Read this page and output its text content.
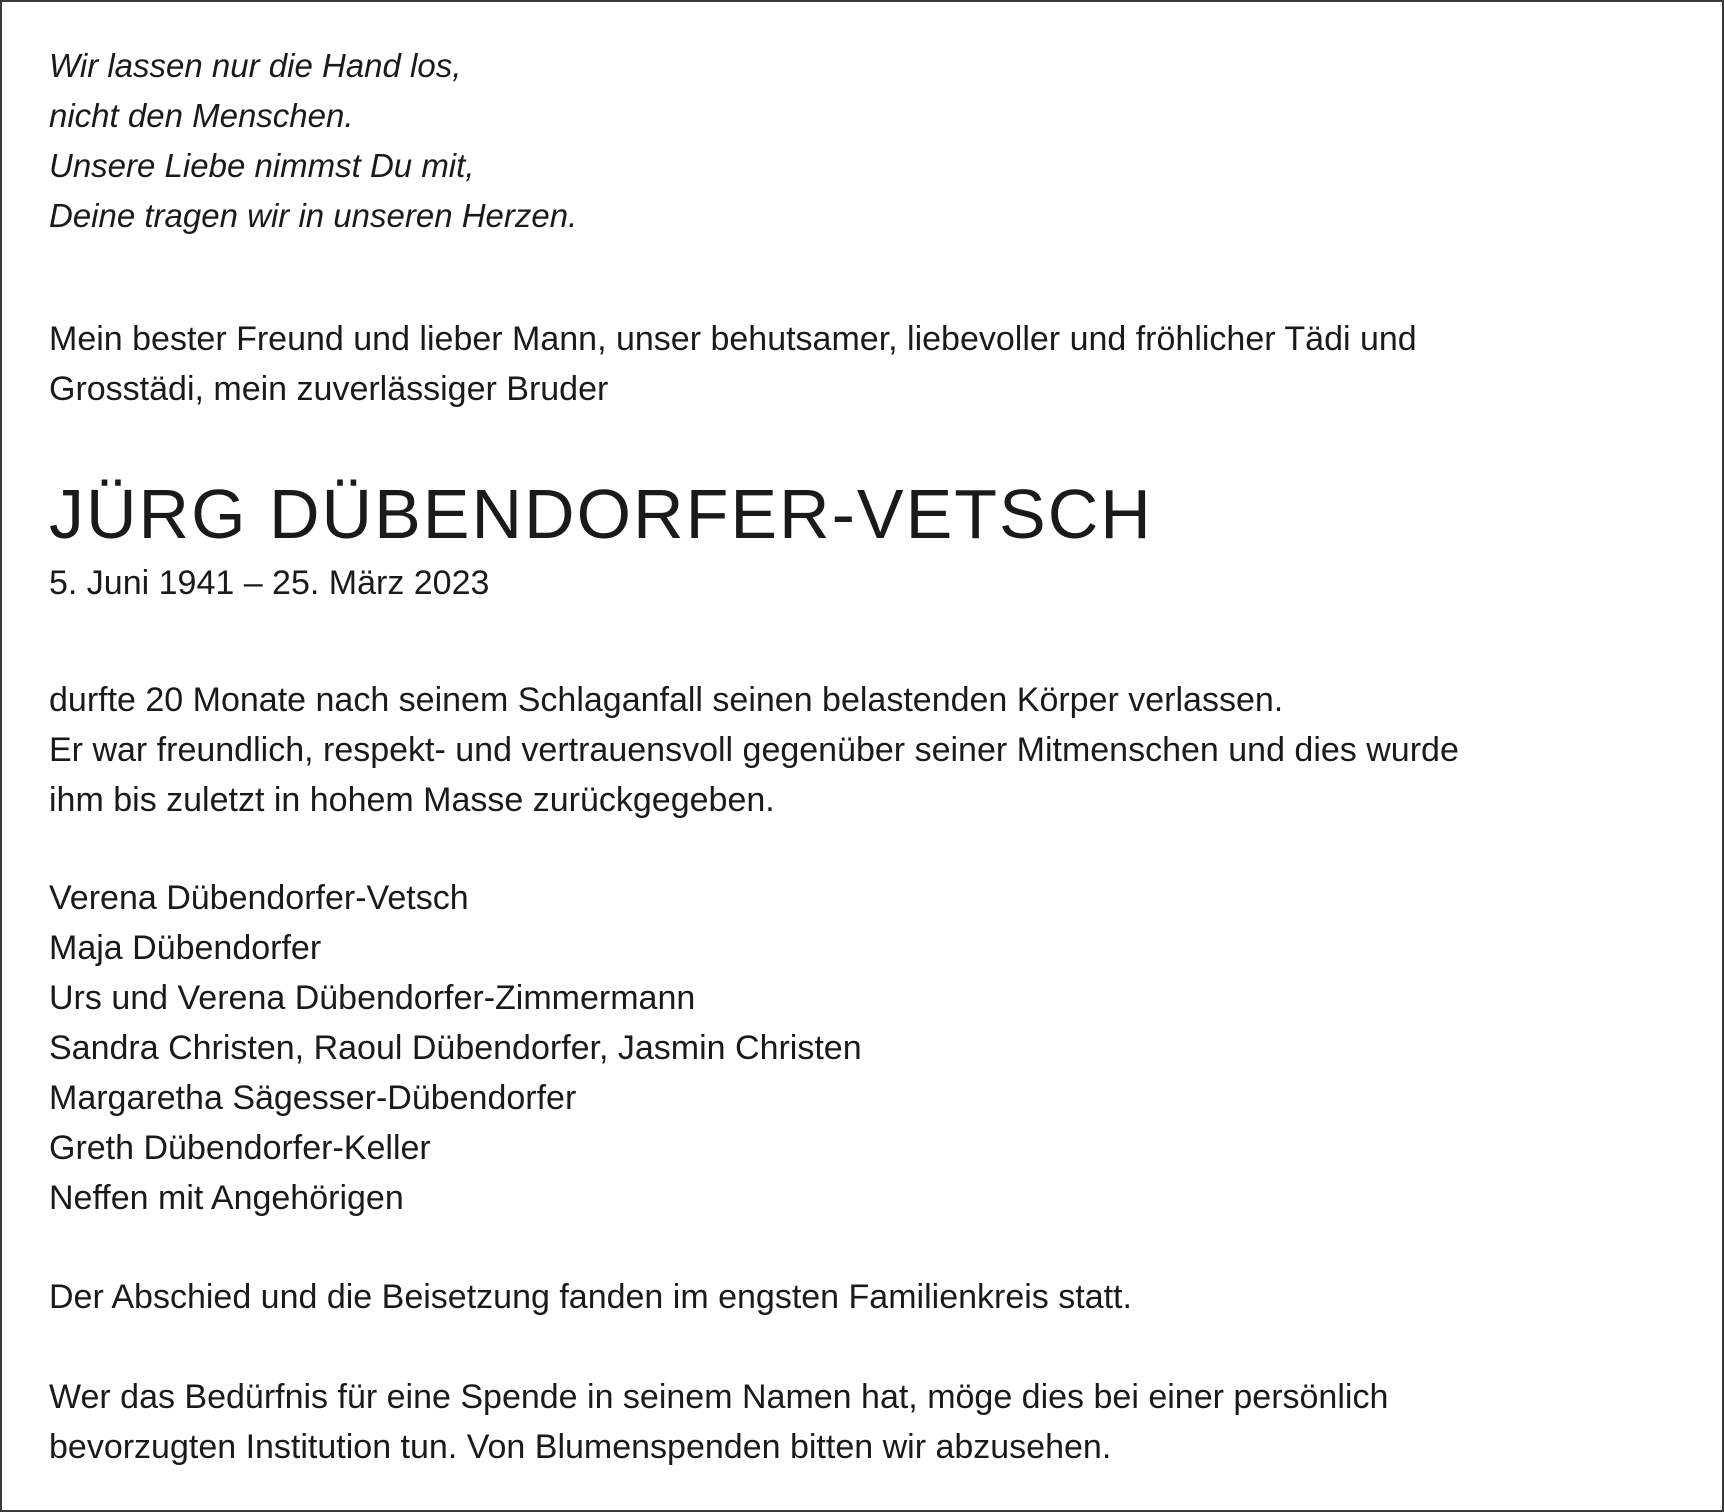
Wir lassen nur die Hand los,
nicht den Menschen.
Unsere Liebe nimmst Du mit,
Deine tragen wir in unseren Herzen.
Mein bester Freund und lieber Mann, unser behutsamer, liebevoller und fröhlicher Tädi und
Grosstädi, mein zuverlässiger Bruder
JÜRG DÜBENDORFER-VETSCH
5. Juni 1941 – 25. März 2023
durfte 20 Monate nach seinem Schlaganfall seinen belastenden Körper verlassen.
Er war freundlich, respekt- und vertrauensvoll gegenüber seiner Mitmenschen und dies wurde
ihm bis zuletzt in hohem Masse zurückgegeben.
Verena Dübendorfer-Vetsch
Maja Dübendorfer
Urs und Verena Dübendorfer-Zimmermann
Sandra Christen, Raoul Dübendorfer, Jasmin Christen
Margaretha Sägesser-Dübendorfer
Greth Dübendorfer-Keller
Neffen mit Angehörigen
Der Abschied und die Beisetzung fanden im engsten Familienkreis statt.
Wer das Bedürfnis für eine Spende in seinem Namen hat, möge dies bei einer persönlich
bevorzugten Institution tun. Von Blumenspenden bitten wir abzusehen.
